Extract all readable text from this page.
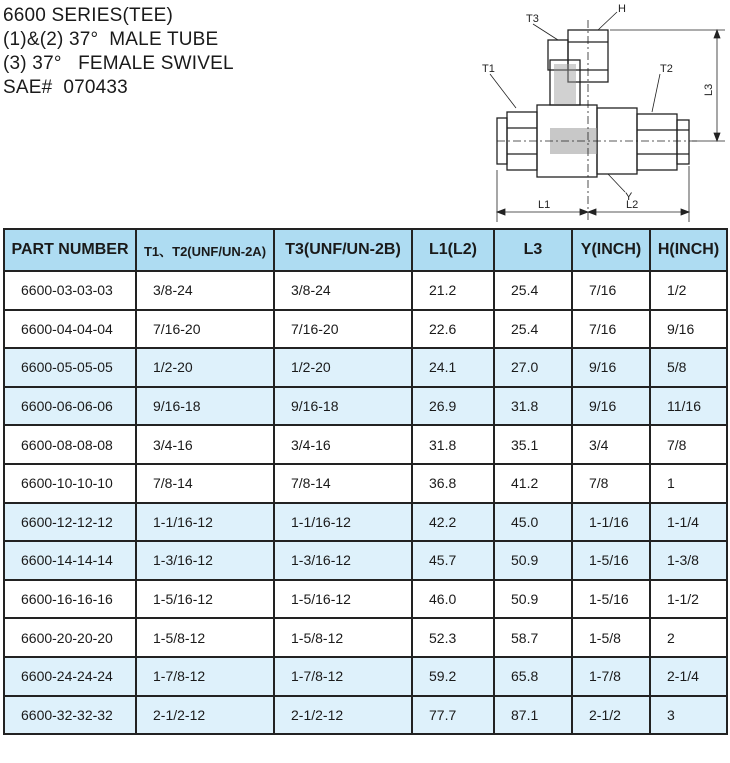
6600 SERIES(TEE)
(1)&(2) 37°  MALE TUBE
(3) 37°   FEMALE SWIVEL
SAE#  070433
T1	T2
T3
H
L1	L2
L3
Y
PART NUMBER	T1、T2(UNF/UN-2A)	T3(UNF/UN-2B)	L1(L2)	L3	Y(INCH)	H(INCH)
6600-03-03-03	3/8-24	3/8-24	21.2	25.4	7/16	1/2
6600-04-04-04	7/16-20	7/16-20	22.6	25.4	7/16	9/16
6600-05-05-05	1/2-20	1/2-20	24.1	27.0	9/16	5/8
6600-06-06-06	9/16-18	9/16-18	26.9	31.8	9/16	11/16
6600-08-08-08	3/4-16	3/4-16	31.8	35.1	3/4	7/8
6600-10-10-10	7/8-14	7/8-14	36.8	41.2	7/8	1
6600-12-12-12	1-1/16-12	1-1/16-12	42.2	45.0	1-1/16	1-1/4
6600-14-14-14	1-3/16-12	1-3/16-12	45.7	50.9	1-5/16	1-3/8
6600-16-16-16	1-5/16-12	1-5/16-12	46.0	50.9	1-5/16	1-1/2
6600-20-20-20	1-5/8-12	1-5/8-12	52.3	58.7	1-5/8	2
6600-24-24-24	1-7/8-12	1-7/8-12	59.2	65.8	1-7/8	2-1/4
6600-32-32-32	2-1/2-12	2-1/2-12	77.7	87.1	2-1/2	3
